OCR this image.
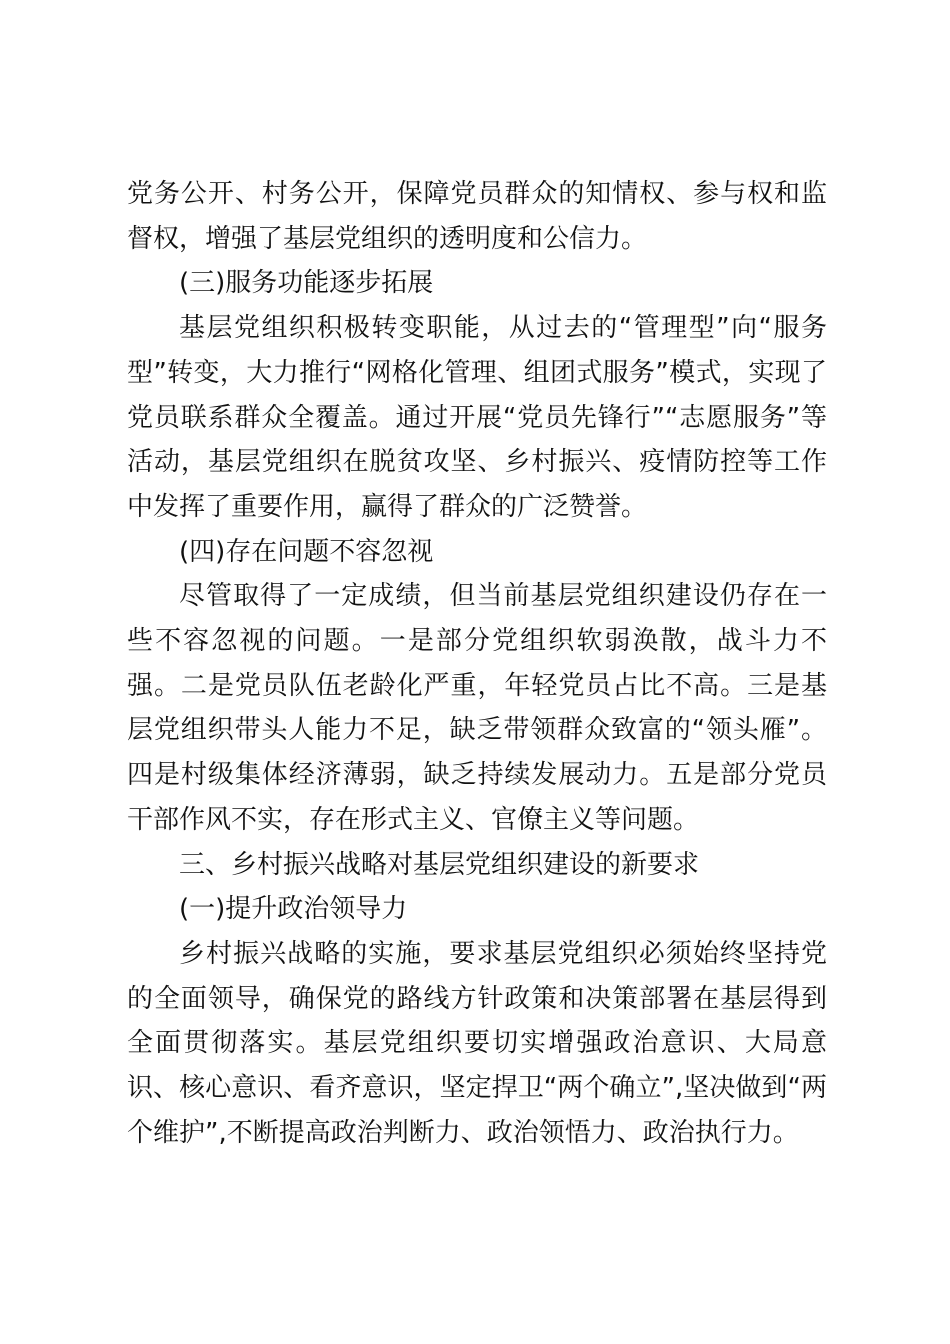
党务公开、村务公开，保障党员群众的知情权、参与权和监督权，增强了基层党组织的透明度和公信力。

(三)服务功能逐步拓展

基层党组织积极转变职能，从过去的“管理型”向“服务型”转变，大力推行“网格化管理、组团式服务”模式，实现了党员联系群众全覆盖。通过开展“党员先锋行”“志愿服务”等活动，基层党组织在脱贫攻坚、乡村振兴、疫情防控等工作中发挥了重要作用，赢得了群众的广泛赞誉。

(四)存在问题不容忽视

尽管取得了一定成绩，但当前基层党组织建设仍存在一些不容忽视的问题。一是部分党组织软弱涣散，战斗力不强。二是党员队伍老龄化严重，年轻党员占比不高。三是基层党组织带头人能力不足，缺乏带领群众致富的“领头雁”。四是村级集体经济薄弱，缺乏持续发展动力。五是部分党员干部作风不实，存在形式主义、官僚主义等问题。

三、乡村振兴战略对基层党组织建设的新要求

(一)提升政治领导力

乡村振兴战略的实施，要求基层党组织必须始终坚持党的全面领导，确保党的路线方针政策和决策部署在基层得到全面贯彻落实。基层党组织要切实增强政治意识、大局意识、核心意识、看齐意识，坚定捍卫“两个确立”,坚决做到“两个维护”,不断提高政治判断力、政治领悟力、政治执行力。
